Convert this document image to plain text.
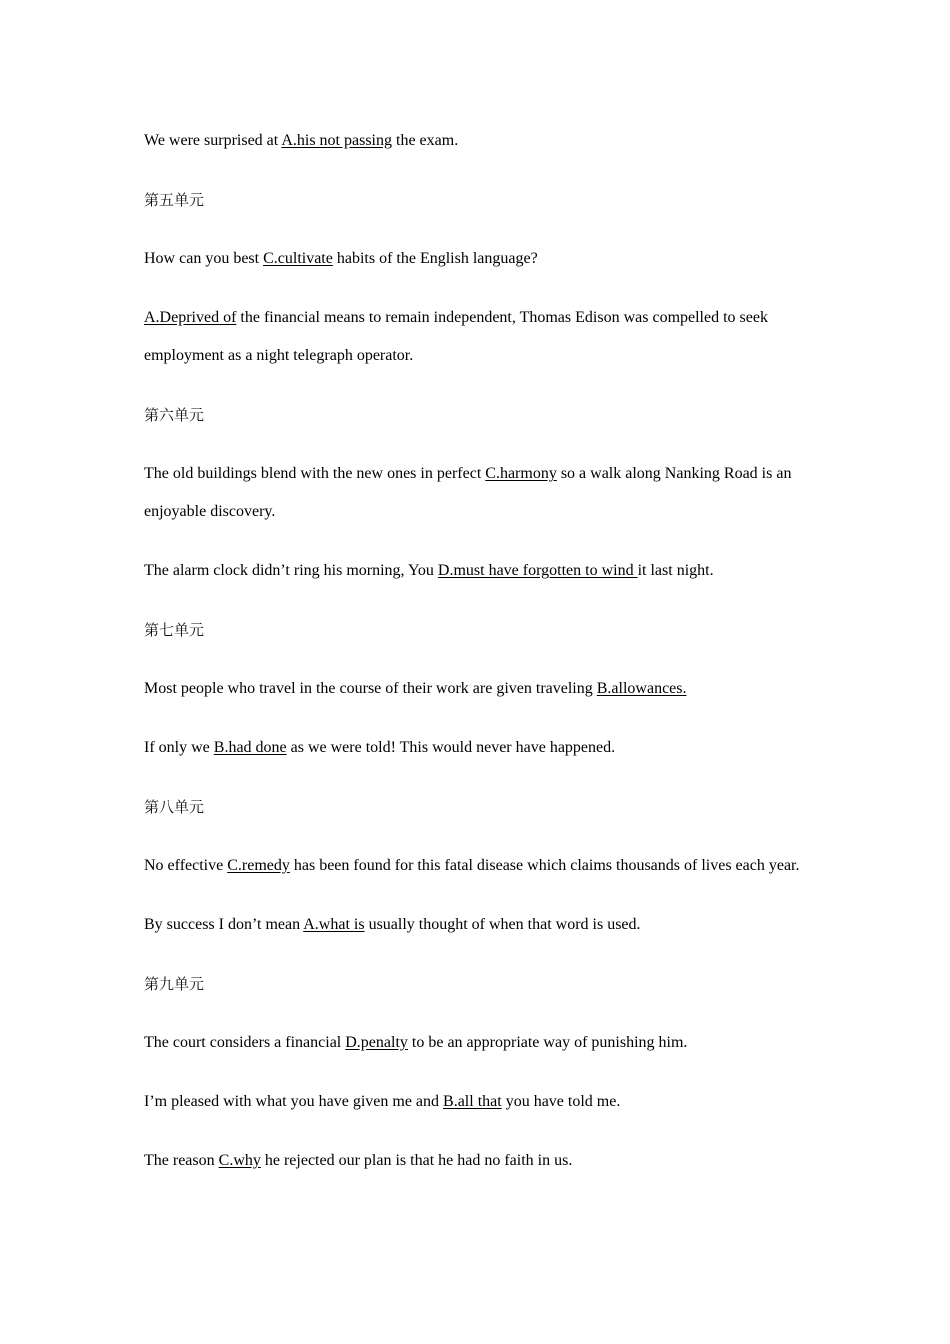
We were surprised at A.his not passing the exam.

第五单元

How can you best C.cultivate habits of the English language?

A.Deprived of the financial means to remain independent, Thomas Edison was compelled to seek employment as a night telegraph operator.

第六单元

The old buildings blend with the new ones in perfect C.harmony so a walk along Nanking Road is an enjoyable discovery.

The alarm clock didn’t ring his morning, You D.must have forgotten to wind it last night.

第七单元

Most people who travel in the course of their work are given traveling B.allowances.

If only we B.had done as we were told! This would never have happened.

第八单元

No effective C.remedy has been found for this fatal disease which claims thousands of lives each year.

By success I don’t mean A.what is usually thought of when that word is used.

第九单元

The court considers a financial D.penalty to be an appropriate way of punishing him.

I’m pleased with what you have given me and B.all that you have told me.

The reason C.why he rejected our plan is that he had no faith in us.
